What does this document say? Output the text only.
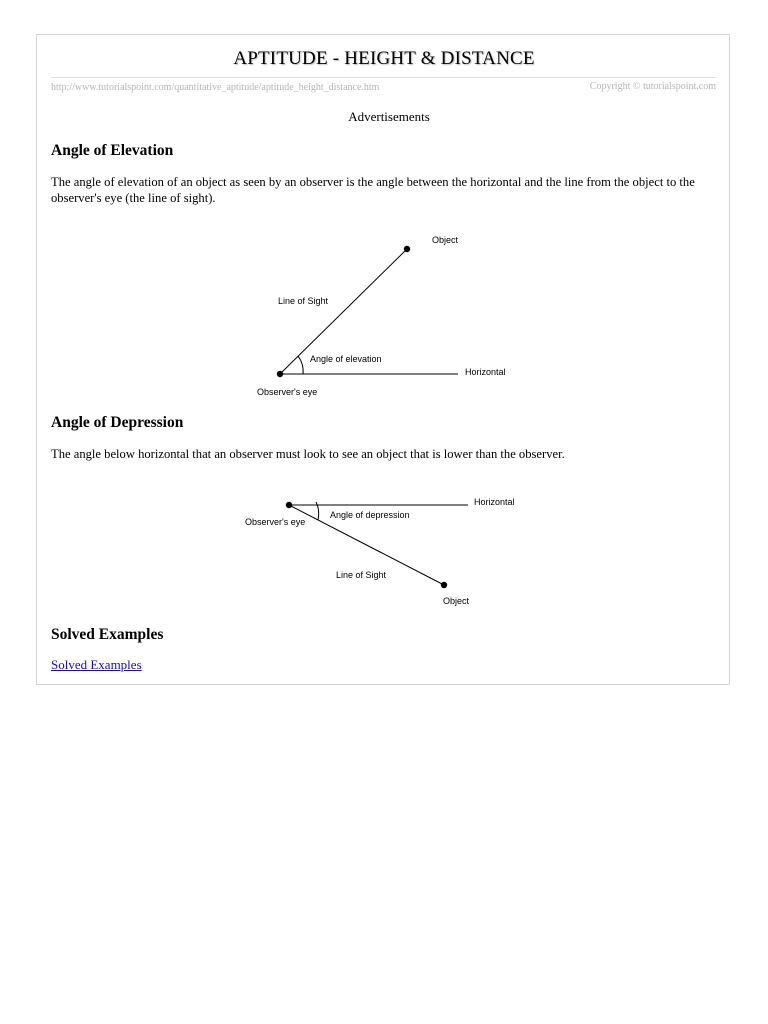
APTITUDE - HEIGHT & DISTANCE
http://www.tutorialspoint.com/quantitative_aptitude/aptitude_height_distance.htm	Copyright © tutorialspoint.com
Advertisements
Angle of Elevation

The angle of elevation of an object as seen by an observer is the angle between the horizontal and the line from the object to the observer's eye (the line of sight).

Object
Line of Sight
Angle of elevation
Horizontal
Observer's eye
Angle of Depression

The angle below horizontal that an observer must look to see an object that is lower than the observer.

Horizontal
Angle of depression
Observer's eye
Line of Sight
Object
Solved Examples
Solved Examples
